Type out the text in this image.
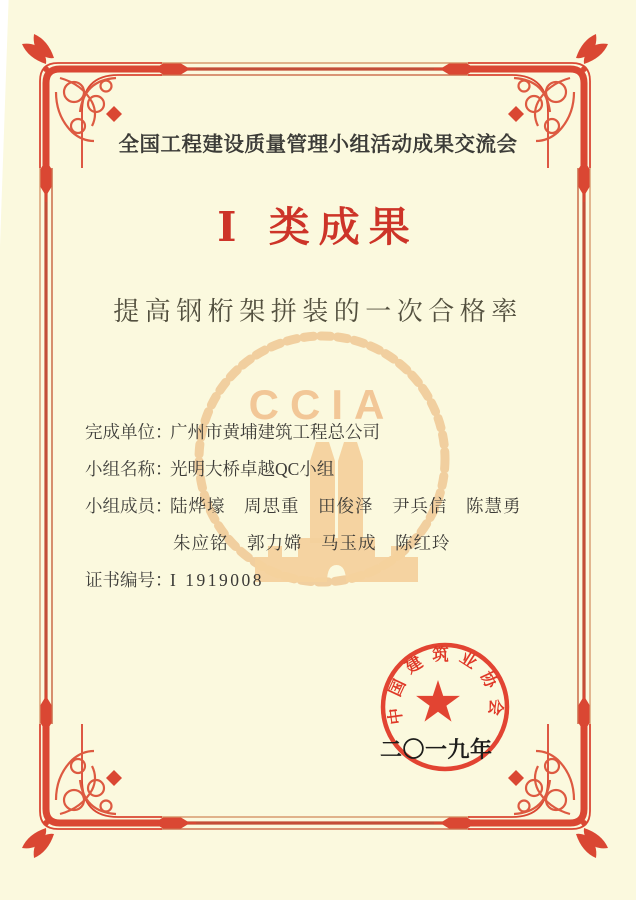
CCIA
全国工程建设质量管理小组活动成果交流会
I 类成果
提高钢桁架拼装的一次合格率
完成单位：广州市黄埔建筑工程总公司
小组名称：光明大桥卓越QC小组
小组成员：陆烨壕　周思重　田俊泽　尹兵信　陈慧勇
朱应铭　郭力嫦　马玉成　陈红玲
证书编号：I 1919008
中国建筑业协会
二〇一九年
